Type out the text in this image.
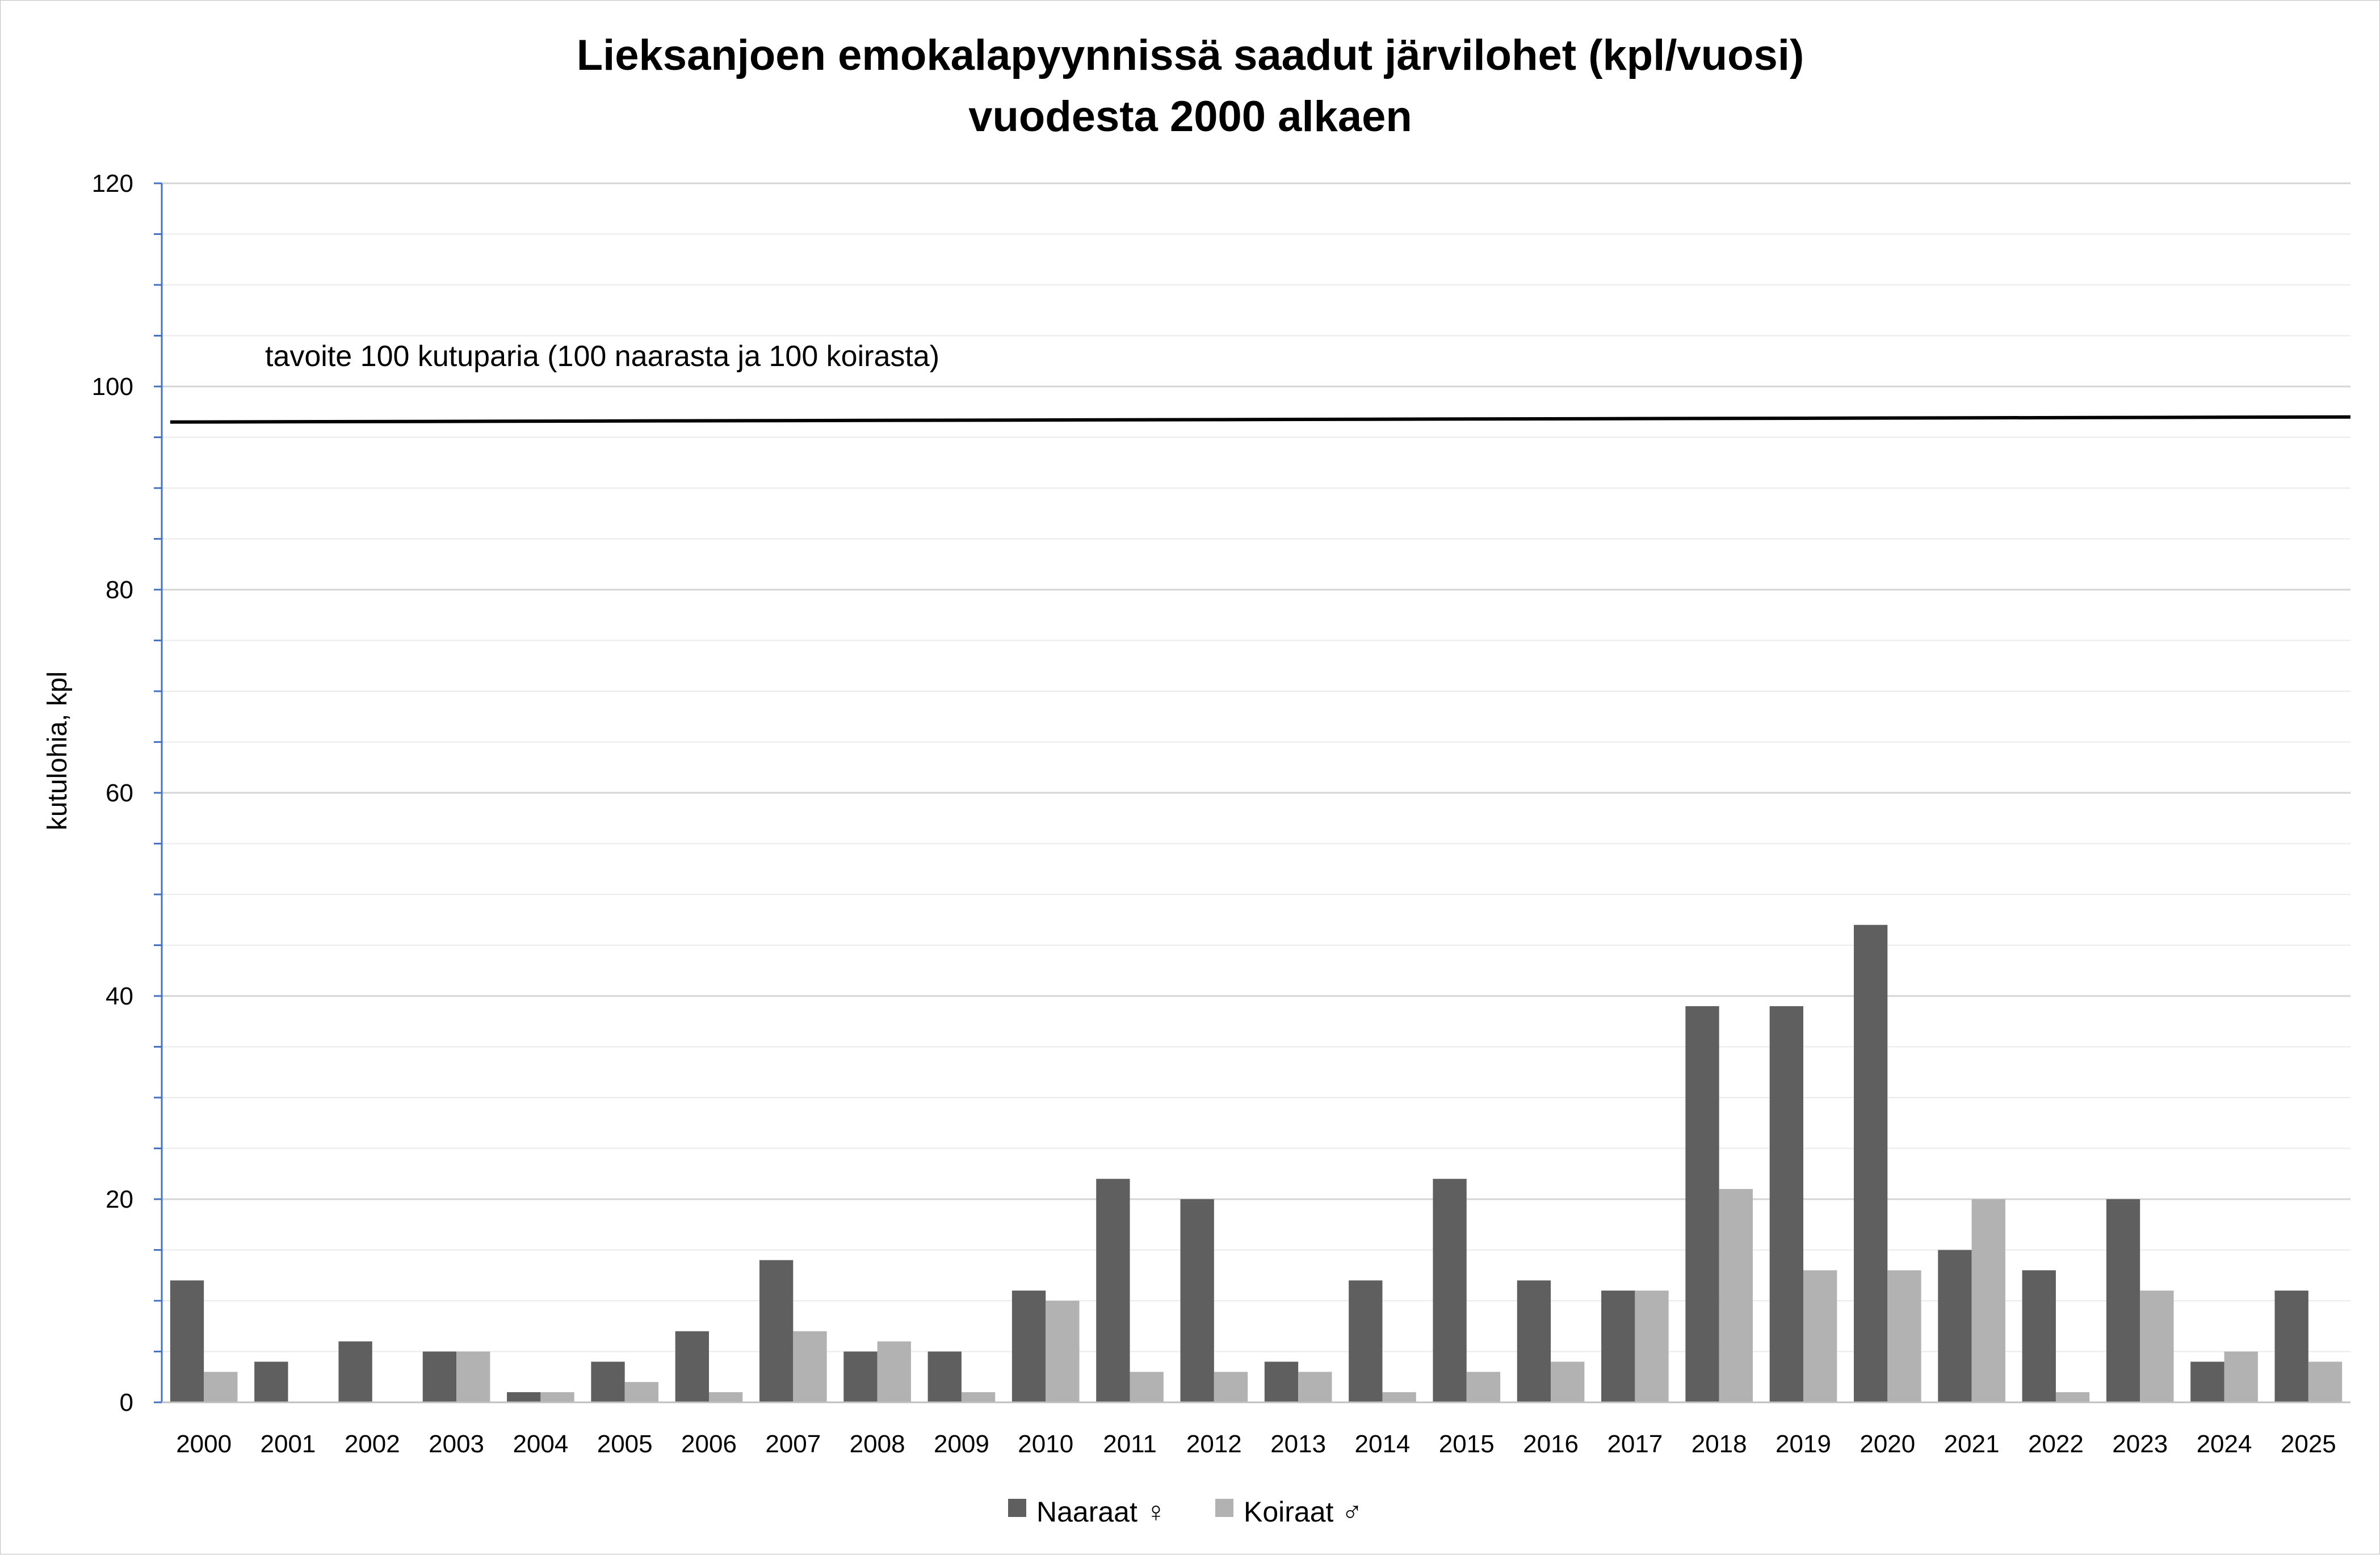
0
20
40
60
80
100
120
2000 2001 2002 2003 2004 2005 2006 2007 2008 2009 2010 2011 2012 2013 2014 2015 2016 2017 2018 2019 2020 2021 2022 2023 2024 2025
Lieksanjoen emokalapyynnissä saadut järvilohet (kpl/vuosi)
vuodesta 2000 alkaen
kutulohia, kpl
tavoite 100 kutuparia (100 naarasta ja 100 koirasta)
Naaraat ♀	Koiraat ♂
